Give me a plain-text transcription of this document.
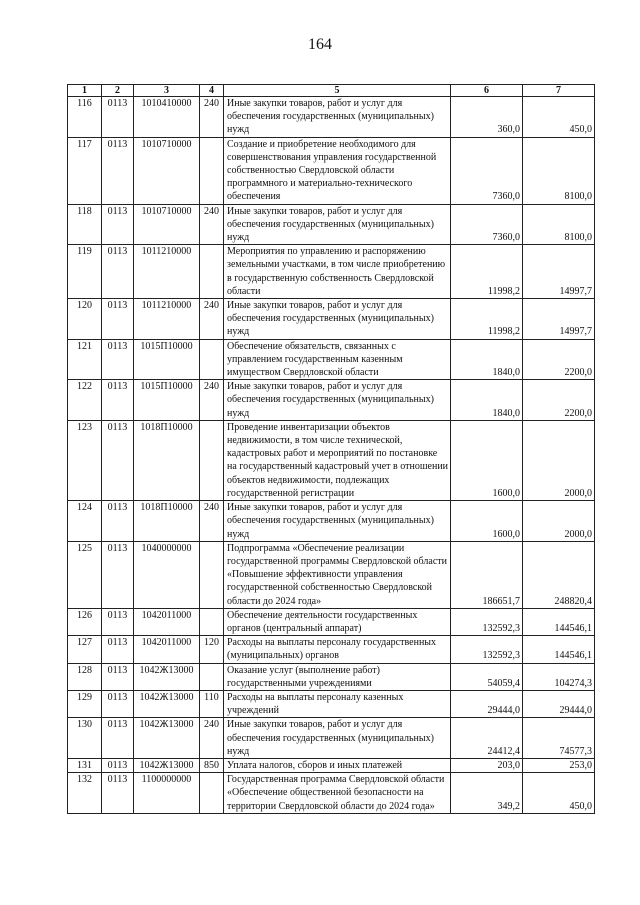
164
1	2	3	4	5	6	7
116	0113	1010410000	240	Иные закупки товаров, работ и услуг для обеспечения государственных (муниципальных) нужд	360,0	450,0
117	0113	1010710000		Создание и приобретение необходимого для совершенствования управления государственной собственностью Свердловской области программного и материально-технического обеспечения	7360,0	8100,0
118	0113	1010710000	240	Иные закупки товаров, работ и услуг для обеспечения государственных (муниципальных) нужд	7360,0	8100,0
119	0113	1011210000		Мероприятия по управлению и распоряжению земельными участками, в том числе приобретению в государственную собственность Свердловской области	11998,2	14997,7
120	0113	1011210000	240	Иные закупки товаров, работ и услуг для обеспечения государственных (муниципальных) нужд	11998,2	14997,7
121	0113	1015П10000		Обеспечение обязательств, связанных с управлением государственным казенным имуществом Свердловской области	1840,0	2200,0
122	0113	1015П10000	240	Иные закупки товаров, работ и услуг для обеспечения государственных (муниципальных) нужд	1840,0	2200,0
123	0113	1018П10000		Проведение инвентаризации объектов недвижимости, в том числе технической, кадастровых работ и мероприятий по постановке на государственный кадастровый учет в отношении объектов недвижимости, подлежащих государственной регистрации	1600,0	2000,0
124	0113	1018П10000	240	Иные закупки товаров, работ и услуг для обеспечения государственных (муниципальных) нужд	1600,0	2000,0
125	0113	1040000000		Подпрограмма «Обеспечение реализации государственной программы Свердловской области «Повышение эффективности управления государственной собственностью Свердловской области до 2024 года»	186651,7	248820,4
126	0113	1042011000		Обеспечение деятельности государственных органов (центральный аппарат)	132592,3	144546,1
127	0113	1042011000	120	Расходы на выплаты персоналу государственных (муниципальных) органов	132592,3	144546,1
128	0113	1042Ж13000		Оказание услуг (выполнение работ) государственными учреждениями	54059,4	104274,3
129	0113	1042Ж13000	110	Расходы на выплаты персоналу казенных учреждений	29444,0	29444,0
130	0113	1042Ж13000	240	Иные закупки товаров, работ и услуг для обеспечения государственных (муниципальных) нужд	24412,4	74577,3
131	0113	1042Ж13000	850	Уплата налогов, сборов и иных платежей	203,0	253,0
132	0113	1100000000		Государственная программа Свердловской области «Обеспечение общественной безопасности на территории Свердловской области до 2024 года»	349,2	450,0
